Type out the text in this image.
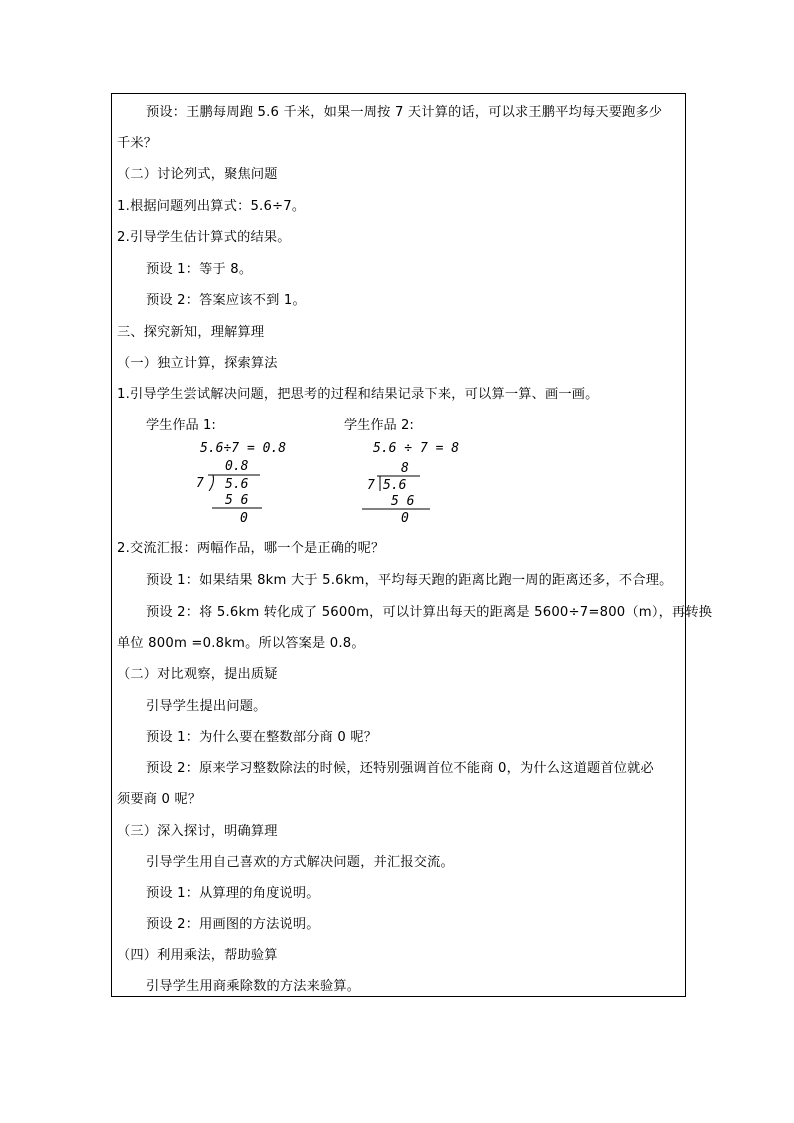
预设：王鹏每周跑 5.6 千米，如果一周按 7 天计算的话，可以求王鹏平均每天要跑多少
千米？
（二）讨论列式，聚焦问题
1.根据问题列出算式：5.6÷7。
2.引导学生估计算式的结果。
预设 1：等于 8。
预设 2：答案应该不到 1。
三、探究新知，理解算理
（一）独立计算，探索算法
1.引导学生尝试解决问题，把思考的过程和结果记录下来，可以算一算、画一画。
学生作品 1:
5.6÷7 = 0.8
0.8
7 5.6
5 6
0
学生作品 2:
5.6 ÷ 7 = 8
8
7 5.6
5 6
0
2.交流汇报：两幅作品，哪一个是正确的呢？
预设 1：如果结果 8km 大于 5.6km，平均每天跑的距离比跑一周的距离还多，不合理。
预设 2：将 5.6km 转化成了 5600m，可以计算出每天的距离是 5600÷7=800（m），再转换
单位 800m =0.8km。所以答案是 0.8。
（二）对比观察，提出质疑
引导学生提出问题。
预设 1：为什么要在整数部分商 0 呢？
预设 2：原来学习整数除法的时候，还特别强调首位不能商 0，为什么这道题首位就必
须要商 0 呢？
（三）深入探讨，明确算理
引导学生用自己喜欢的方式解决问题，并汇报交流。
预设 1：从算理的角度说明。
预设 2：用画图的方法说明。
（四）利用乘法，帮助验算
引导学生用商乘除数的方法来验算。
